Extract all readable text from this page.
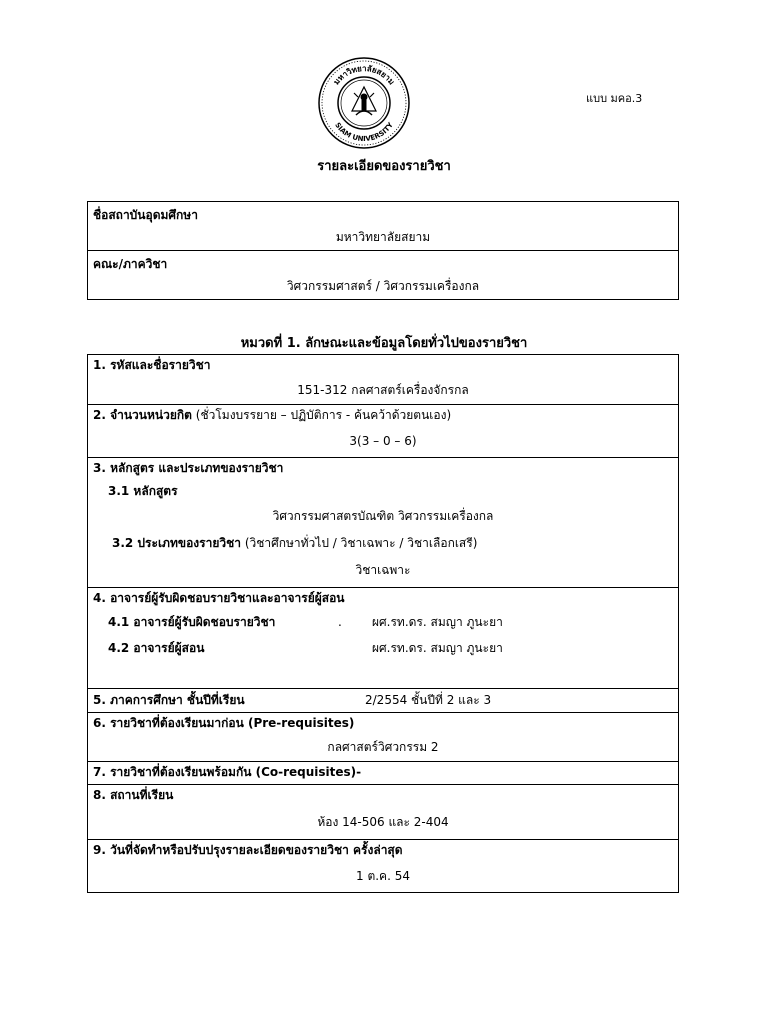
มหาวิทยาลัยสยาม
SIAM UNIVERSITY
แบบ มคอ.3
รายละเอียดของรายวิชา
ชื่อสถาบันอุดมศึกษา
มหาวิทยาลัยสยาม

คณะ/ภาควิชา
วิศวกรรมศาสตร์ / วิศวกรรมเครื่องกล
หมวดที่ 1. ลักษณะและข้อมูลโดยทั่วไปของรายวิชา
1. รหัสและชื่อรายวิชา
151-312 กลศาสตร์เครื่องจักรกล

2. จำนวนหน่วยกิต
(ชั่วโมงบรรยาย – ปฏิบัติการ - ค้นคว้าด้วยตนเอง)
3(3 – 0 – 6)

3. หลักสูตร และประเภทของรายวิชา
3.1 หลักสูตร
วิศวกรรมศาสตรบัณฑิต วิศวกรรมเครื่องกล
3.2 ประเภทของรายวิชา
(วิชาศึกษาทั่วไป / วิชาเฉพาะ / วิชาเลือกเสรี)
วิชาเฉพาะ

4. อาจารย์ผู้รับผิดชอบรายวิชาและอาจารย์ผู้สอน
4.1 อาจารย์ผู้รับผิดชอบรายวิชา	.	ผศ.รท.ดร. สมญา ภูนะยา
4.2 อาจารย์ผู้สอน	ผศ.รท.ดร. สมญา ภูนะยา

5. ภาคการศึกษา ชั้นปีที่เรียน	2/2554 ชั้นปีที่ 2 และ 3

6. รายวิชาที่ต้องเรียนมาก่อน (Pre-requisites)
กลศาสตร์วิศวกรรม 2

7. รายวิชาที่ต้องเรียนพร้อมกัน (Co-requisites)-

8. สถานที่เรียน
ห้อง 14-506 และ 2-404

9. วันที่จัดทำหรือปรับปรุงรายละเอียดของรายวิชา ครั้งล่าสุด
1 ต.ค. 54
